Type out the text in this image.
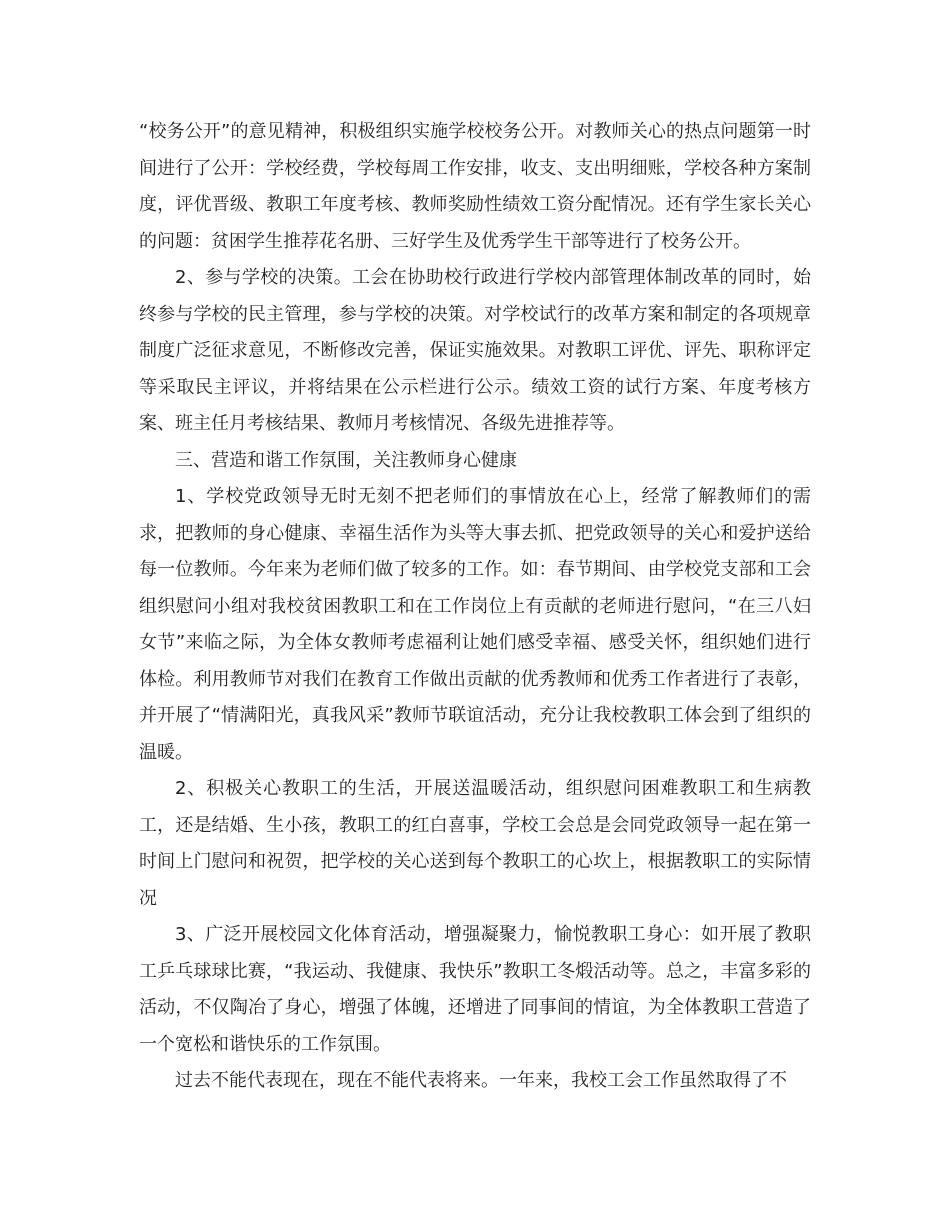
“校务公开”的意见精神，积极组织实施学校校务公开。对教师关心的热点问题第一时间进行了公开：学校经费，学校每周工作安排，收支、支出明细账，学校各种方案制度，评优晋级、教职工年度考核、教师奖励性绩效工资分配情况。还有学生家长关心的问题：贫困学生推荐花名册、三好学生及优秀学生干部等进行了校务公开。

2、参与学校的决策。工会在协助校行政进行学校内部管理体制改革的同时，始终参与学校的民主管理，参与学校的决策。对学校试行的改革方案和制定的各项规章制度广泛征求意见，不断修改完善，保证实施效果。对教职工评优、评先、职称评定等采取民主评议，并将结果在公示栏进行公示。绩效工资的试行方案、年度考核方案、班主任月考核结果、教师月考核情况、各级先进推荐等。

三、营造和谐工作氛围，关注教师身心健康

1、学校党政领导无时无刻不把老师们的事情放在心上，经常了解教师们的需求，把教师的身心健康、幸福生活作为头等大事去抓、把党政领导的关心和爱护送给每一位教师。今年来为老师们做了较多的工作。如：春节期间、由学校党支部和工会组织慰问小组对我校贫困教职工和在工作岗位上有贡献的老师进行慰问，“在三八妇女节”来临之际，为全体女教师考虑福利让她们感受幸福、感受关怀，组织她们进行体检。利用教师节对我们在教育工作做出贡献的优秀教师和优秀工作者进行了表彰，并开展了“情满阳光，真我风采”教师节联谊活动，充分让我校教职工体会到了组织的温暖。

2、积极关心教职工的生活，开展送温暖活动，组织慰问困难教职工和生病教工，还是结婚、生小孩，教职工的红白喜事，学校工会总是会同党政领导一起在第一时间上门慰问和祝贺，把学校的关心送到每个教职工的心坎上，根据教职工的实际情况

3、广泛开展校园文化体育活动，增强凝聚力，愉悦教职工身心：如开展了教职工乒乓球球比赛，“我运动、我健康、我快乐”教职工冬煅活动等。总之，丰富多彩的活动，不仅陶冶了身心，增强了体魄，还增进了同事间的情谊，为全体教职工营造了一个宽松和谐快乐的工作氛围。

过去不能代表现在，现在不能代表将来。一年来，我校工会工作虽然取得了不
